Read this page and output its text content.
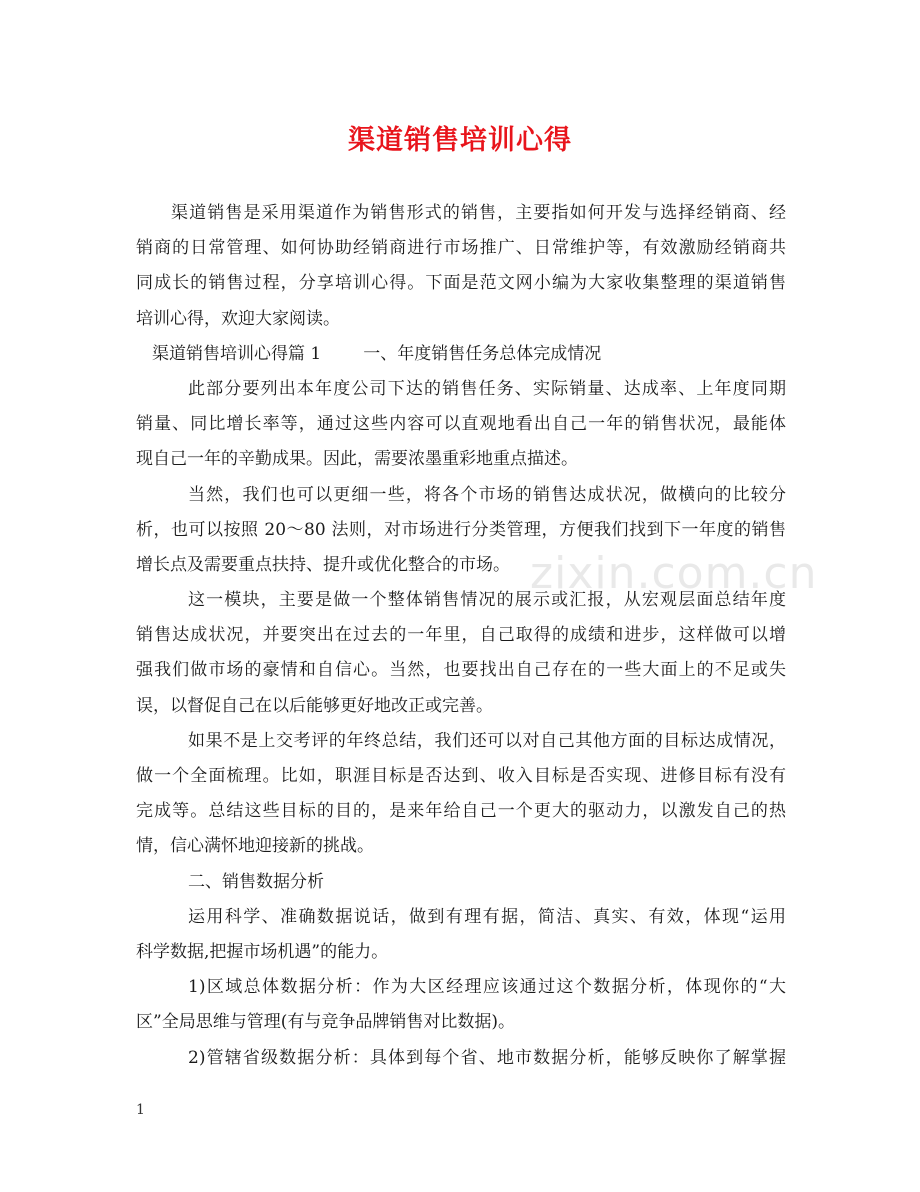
渠道销售培训心得
zixin.com.cn
渠道销售是采用渠道作为销售形式的销售，主要指如何开发与选择经销商、经
销商的日常管理、如何协助经销商进行市场推广、日常维护等，有效激励经销商共
同成长的销售过程，分享培训心得。下面是范文网小编为大家收集整理的渠道销售
培训心得，欢迎大家阅读。
渠道销售培训心得篇 1 一、年度销售任务总体完成情况
此部分要列出本年度公司下达的销售任务、实际销量、达成率、上年度同期
销量、同比增长率等，通过这些内容可以直观地看出自己一年的销售状况，最能体
现自己一年的辛勤成果。因此，需要浓墨重彩地重点描述。
当然，我们也可以更细一些，将各个市场的销售达成状况，做横向的比较分
析，也可以按照 20～80 法则，对市场进行分类管理，方便我们找到下一年度的销售
增长点及需要重点扶持、提升或优化整合的市场。
这一模块，主要是做一个整体销售情况的展示或汇报，从宏观层面总结年度
销售达成状况，并要突出在过去的一年里，自己取得的成绩和进步，这样做可以增
强我们做市场的豪情和自信心。当然，也要找出自己存在的一些大面上的不足或失
误，以督促自己在以后能够更好地改正或完善。
如果不是上交考评的年终总结，我们还可以对自己其他方面的目标达成情况，
做一个全面梳理。比如，职涯目标是否达到、收入目标是否实现、进修目标有没有
完成等。总结这些目标的目的，是来年给自己一个更大的驱动力，以激发自己的热
情，信心满怀地迎接新的挑战。
二、销售数据分析
运用科学、准确数据说话，做到有理有据，简洁、真实、有效，体现“运用
科学数据,把握市场机遇”的能力。
1)区域总体数据分析：作为大区经理应该通过这个数据分析，体现你的“大
区”全局思维与管理(有与竞争品牌销售对比数据)。
2)管辖省级数据分析：具体到每个省、地市数据分析，能够反映你了解掌握
1
